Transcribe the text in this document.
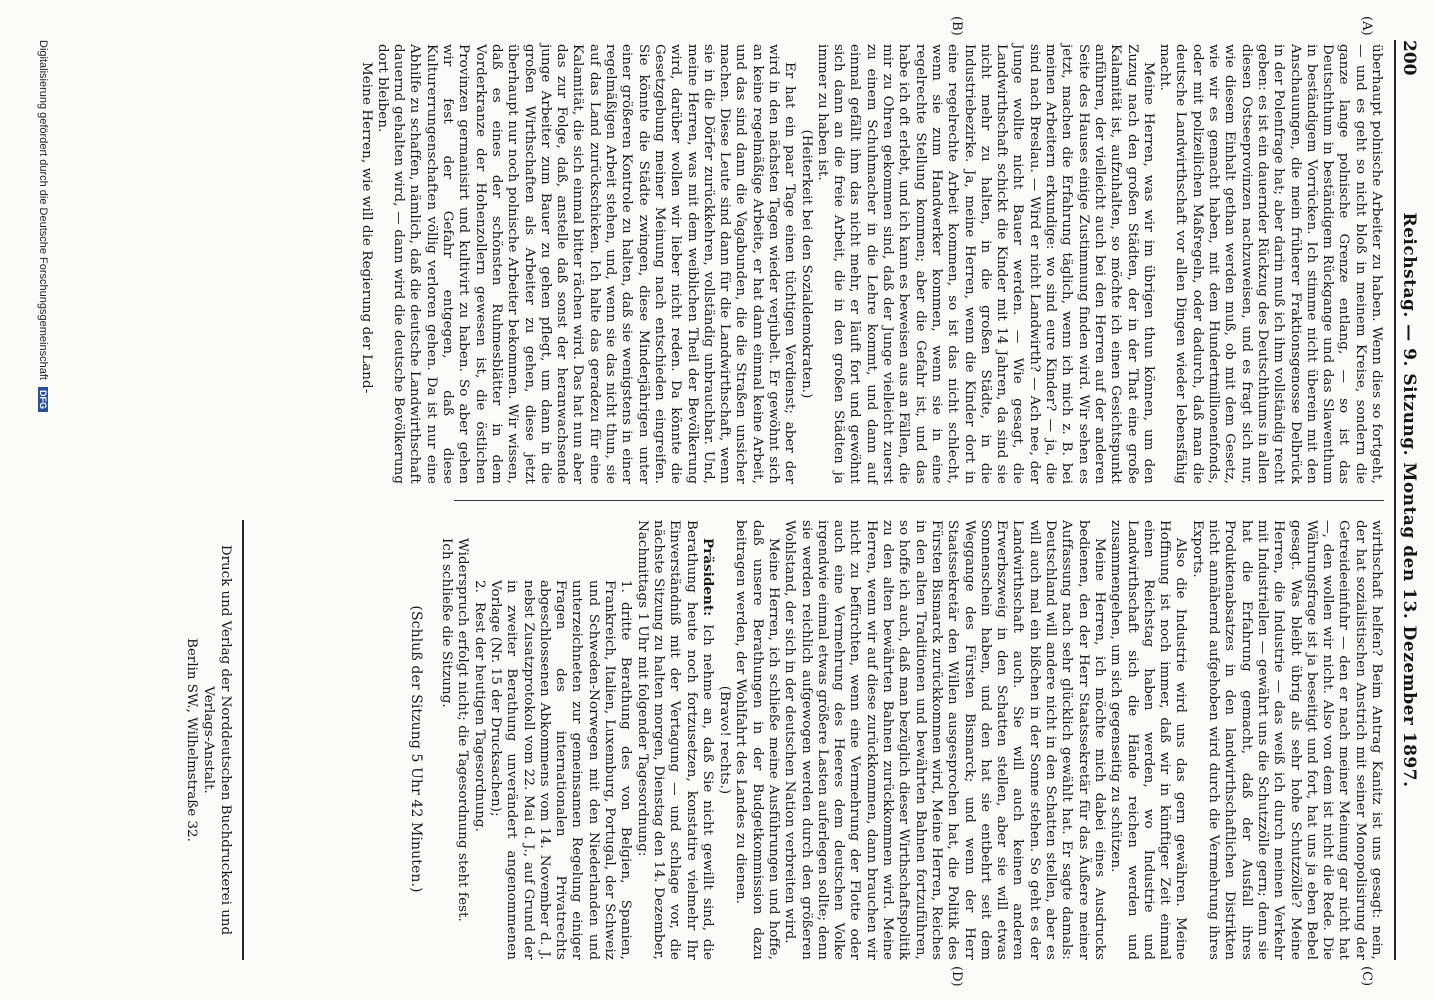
200
Reichstag. — 9. Sitzung. Montag den 13. Dezember 1897.
(A)
(B)
(C)
(D)

überhaupt polnische Arbeiter zu haben. Wenn dies so fortgeht, — und es geht so nicht bloß in meinem Kreise, sondern die ganze lange polnische Grenze entlang, — so ist das Deutschthum in beständigem Rückgange und das Slawenthum in beständigem Vorrücken. Ich stimme nicht überein mit den Anschauungen, die mein früherer Fraktionsgenosse Delbrück in der Polenfrage hat; aber darin muß ich ihm vollständig recht geben: es ist ein dauernder Rückzug des Deutschthums in allen diesen Ostseeprovinzen nachzuweisen, und es fragt sich nur, wie diesem Einhalt gethan werden muß, ob mit dem Gesetz, wie wir es gemacht haben, mit dem Hundertmillionenfonds, oder mit polizeilichen Maßregeln, oder dadurch, daß man die deutsche Landwirthschaft vor allen Dingen wieder lebensfähig macht.

Meine Herren, was wir im übrigen thun können, um den Zuzug nach den großen Städten, der in der That eine große Kalamität ist, aufzuhalten, so möchte ich einen Gesichtspunkt anführen, der vielleicht auch bei den Herren auf der anderen Seite des Hauses einige Zustimmung finden wird. Wir sehen es jetzt, machen die Erfahrung täglich, wenn ich mich z. B. bei meinen Arbeitern erkundige: wo sind eure Kinder? — ja, die sind nach Breslau. — Wird er nicht Landwirth? — Ach nee, der Junge wollte nicht Bauer werden. — Wie gesagt, die Landwirthschaft schickt die Kinder mit 14 Jahren, da sind sie nicht mehr zu halten, in die großen Städte, in die Industriebezirke. Ja, meine Herren, wenn die Kinder dort in eine regelrechte Arbeit kommen, so ist das nicht schlecht, wenn sie zum Handwerker kommen, wenn sie in eine regelrechte Stellung kommen; aber die Gefahr ist, und das habe ich oft erlebt, und ich kann es beweisen aus an Fällen, die mir zu Ohren gekommen sind, daß der Junge vielleicht zuerst zu einem Schuhmacher in die Lehre kommt, und dann auf einmal gefällt ihm das nicht mehr, er läuft fort und gewöhnt sich dann an die freie Arbeit, die in den großen Städten ja immer zu haben ist.

(Heiterkeit bei den Sozialdemokraten.)

Er hat ein paar Tage einen tüchtigen Verdienst; aber der wird in den nächsten Tagen wieder verjubelt. Er gewöhnt sich an keine regelmäßige Arbeite, er hat dann einmal keine Arbeit, und das sind dann die Vagabunden, die die Straßen unsicher machen. Diese Leute sind dann für die Landwirthschaft, wenn sie in die Dörfer zurückkehren, vollständig unbrauchbar. Und, meine Herren, was mit dem weiblichen Theil der Bevölkerung wird, darüber wollen wir lieber nicht reden. Da könnte die Gesetzgebung meiner Meinung nach entschieden eingreifen. Sie könnte die Städte zwingen, diese Minderjährigen unter einer größeren Kontrole zu halten, daß sie wenigstens in einer regelmäßigen Arbeit stehen, und, wenn sie das nicht thun, sie auf das Land zurückschicken. Ich halte das geradezu für eine Kalamität, die sich einmal bitter rächen wird. Das hat nun aber das zur Folge, daß, anstelle daß sonst der heranwachsende junge Arbeiter zum Bauer zu gehen pflegt, um dann in die großen Wirthschaften als Arbeiter zu gehen, diese jetzt überhaupt nur noch polnische Arbeiter bekommen. Wir wissen, daß es eines der schönsten Ruhmesblätter in dem Vorderkranze der Hohenzollern gewesen ist, die östlichen Provinzen germanisirt und kultivirt zu haben. So aber gehen wir fest der Gefahr entgegen, daß diese Kulturerrungenschaften völlig verloren gehen. Da ist nur eine Abhilfe zu schaffen, nämlich, daß die deutsche Landwirthschaft dauernd gehalten wird, — dann wird die deutsche Bevölkerung dort bleiben.

Meine Herren, wie will die Regierung der Land-

wirthschaft helfen? Beim Antrag Kanitz ist uns gesagt: nein, der hat sozialistischen Anstrich mit seiner Monopolisirung der Getreideeinfuhr — den er nach meiner Meinung gar nicht hat —, den wollen wir nicht. Also von dem ist nicht die Rede. Die Währungsfrage ist ja beseitigt und fort, hat uns ja eben Bebel gesagt. Was bleibt übrig als sehr hohe Schutzzölle? Meine Herren, die Industrie — das weiß ich durch meinen Verkehr mit Industriellen — gewährt uns die Schutzzölle gern; denn sie hat die Erfahrung gemacht, daß der Ausfall ihres Produktenabsatzes in den landwirthschaftlichen Distrikten nicht annähernd aufgehoben wird durch die Vermehrung ihres Exports.

Also die Industrie wird uns das gern gewähren. Meine Hoffnung ist noch immer, daß wir in künftiger Zeit einmal einen Reichstag haben werden, wo Industrie und Landwirthschaft sich die Hände reichen werden und zusammengehen, um sich gegenseitig zu schützen.

Meine Herren, ich möchte mich dabei eines Ausdrucks bedienen, den der Herr Staatssekretär für das Äußere meiner Auffassung nach sehr glücklich gewählt hat. Er sagte damals: Deutschland will andere nicht in den Schatten stellen, aber es will auch mal ein bißchen in der Sonne stehen. So geht es der Landwirthschaft auch. Sie will auch keinen anderen Erwerbszweig in den Schatten stellen, aber sie will etwas Sonnenschein haben, und den hat sie entbehrt seit dem Weggange des Fürsten Bismarck; und wenn der Herr Staatssekretär den Willen ausgesprochen hat, die Politik des Fürsten Bismarck zurückkommen wird, Meine Herren, Reiches in den alten Traditionen und bewährten Bahnen fortzuführen, so hoffe ich auch, daß man bezüglich dieser Wirthschaftspolitik zu den alten bewährten Bahnen zurückkommen wird. Meine Herren, wenn wir auf diese zurückkommen, dann brauchen wir nicht zu befürchten, wenn eine Vermehrung der Flotte oder auch eine Vermehrung des Heeres dem deutschen Volke irgendwie einmal etwas größere Lasten auferlegen sollte; denn sie werden reichlich aufgewogen werden durch den größeren Wohlstand, der sich in der deutschen Nation verbreiten wird.

Meine Herren, ich schließe meine Ausführungen und hoffe, daß unsere Berathungen in der Budgetkommission dazu beitragen werden, der Wohlfahrt des Landes zu dienen.

(Bravo! rechts.)

Präsident: Ich nehme an, daß Sie nicht gewillt sind, die Berathung heute noch fortzusetzen, konstatire vielmehr Ihr Einverständniß mit der Vertagung — und schlage vor, die nächste Sitzung zu halten morgen, Dienstag den 14. Dezember, Nachmittags 1 Uhr mit folgender Tagesordnung:

1.dritte Berathung des von Belgien, Spanien, Frankreich, Italien, Luxemburg, Portugal, der Schweiz und Schweden-Norwegen mit den Niederlanden und unterzeichneten zur gemeinsamen Regelung einiger Fragen des internationalen Privatrechts abgeschlossenen Abkommens vom 14. November d. J. nebst Zusatzprotokoll vom 22. Mai d. J., auf Grund der in zweiter Berathung unverändert angenommenen Vorlage (Nr. 15 der Drucksachen);
2.Rest der heutigen Tagesordnung.

Widerspruch erfolgt nicht; die Tagesordnung steht fest.

Ich schließe die Sitzung.

(Schluß der Sitzung 5 Uhr 42 Minuten.)

Druck und Verlag der Norddeutschen Buchdruckerei und Verlags-Anstalt.
Berlin SW., Wilhelmstraße 32.
Digitalisierung gefördert durch die Deutsche Forschungsgemeinschaft DFG
